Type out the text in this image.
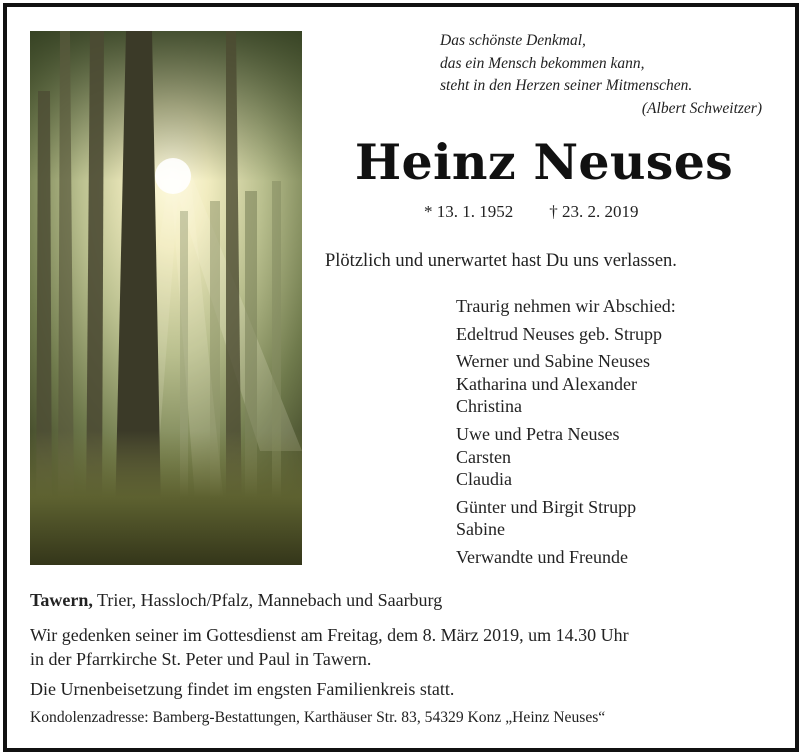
Das schönste Denkmal,
das ein Mensch bekommen kann,
steht in den Herzen seiner Mitmenschen.
(Albert Schweitzer)
Heinz Neuses
* 13. 1. 1952 † 23. 2. 2019
Plötzlich und unerwartet hast Du uns verlassen.
Traurig nehmen wir Abschied:
Edeltrud Neuses geb. Strupp
Werner und Sabine Neuses
Katharina und Alexander
Christina
Uwe und Petra Neuses
Carsten
Claudia
Günter und Birgit Strupp
Sabine
Verwandte und Freunde
Tawern, Trier, Hassloch/Pfalz, Mannebach und Saarburg
Wir gedenken seiner im Gottesdienst am Freitag, dem 8. März 2019, um 14.30 Uhr
in der Pfarrkirche St. Peter und Paul in Tawern.
Die Urnenbeisetzung findet im engsten Familienkreis statt.
Kondolenzadresse: Bamberg-Bestattungen, Karthäuser Str. 83, 54329 Konz „Heinz Neuses“
